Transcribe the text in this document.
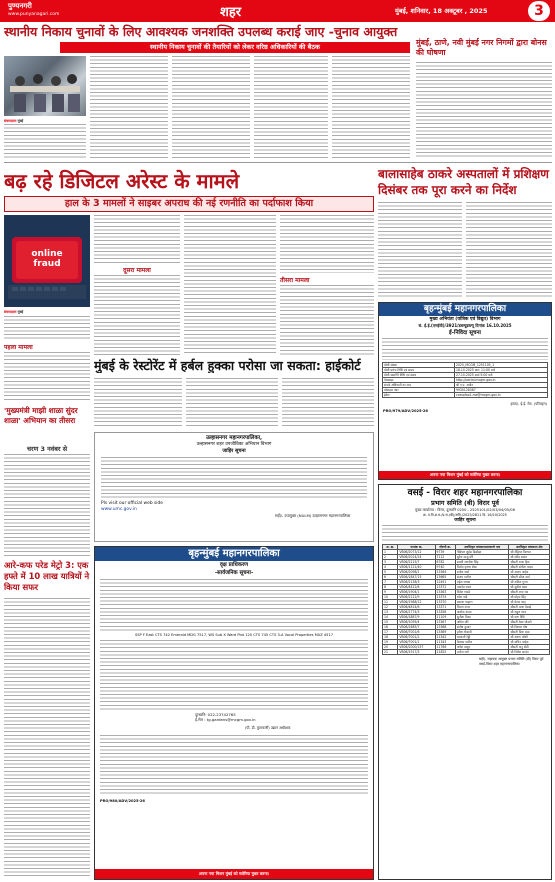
पुण्यनगरी
www.punyanagari.com	शहर	मुंबई, शनिवार, 18 अक्टूबर , 2025	3
स्थानीय निकाय चुनावों के लिए आवश्यक जनशक्ति उपलब्ध कराई जाए -चुनाव आयुक्त
स्थानीय निकाय चुनावों की तैयारियों को लेकर वरिष्ठ अधिकारियों की बैठक
संवाददाता मुंबई
मुंबई, ठाणे, नवी मुंबई नगर निगमों द्वारा बोनस की घोषणा
बढ़ रहे डिजिटल अरेस्ट के मामले
हाल के 3 मामलों ने साइबर अपराध की नई रणनीति का पर्दाफाश किया
online fraud
संवाददाता मुंबई
पहला मामला
दूसरा मामला
तीसरा मामला
बालासाहेब ठाकरे अस्पतालों में प्रशिक्षण दिसंबर तक पूरा करने का निर्देश
बृहन्मुंबई महानगरपालिका
मुख्य अभियंता (यांत्रिक एवं विद्युत) विभाग
सं. ई.ई.(एमईवी)/3921/डब्ल्यूडब्ल्यू दिनांक 16.10.2025
ई-निविदा सूचना
बोली संख्या	2025_MCGM_1251105_1
बोली प्रारंभ तिथि एवं समय	18.10.2025 प्रात: 11:00 बजे
बोली समाप्ति तिथि एवं समय	27.10.2025 सायं 5:00 बजे
वेबसाइट	http://portal.mcgm.gov.in
संपर्क अधिकारी का नाम	श्री ए.ए. अमीन
मोबाइल नंबर	9930128387
ईमेल	ccesofoo1.me@mcgm.gov.in
हस्ता/- ई.ई. मेव. (परिवहन)
PRO/979/ADV/2025-26
अपना नया मिशन मुंबई को मलेरिया मुक्त करना।
'मुख्यमंत्री माझी शाळा सुंदर शाळा' अभियान का तीसरा
चरण 3 नवंबर से
मुंबई के रेस्टोरेंट में हर्बल हुक्का परोसा जा सकता: हाईकोर्ट
उल्हासनगर महानगरपालिका,
उल्हासनगर शहर उपजीविका अभियान विभाग
जाहिर सूचना
Pls visit our official web side
www.umc.gov.in
सही/- उपायुक्त (NULM) उल्हासनगर महानगरपालिका
आरे-कफ परेड मेट्रो 3: एक हफ्ते में 10 लाख यात्रियों ने किया सफर
बृहन्मुंबई महानगरपालिका
वृक्ष प्राधिकरण
-सार्वजनिक सूचना-
SSP F East CTS 742 Emerald MDG 7517, WS Sub X Ward Plot 120 CTS 745 CTS 3-A Vocal Properties MUZ 4517
दूरध्वनि: 022-23742765
ई-मेल : tg.gardens@mcgm.gov.in
(पी. डी. कुलकर्णी) उद्यान अधीक्षक
PRO/980/ADV/2025-26
अपना नया मिशन मुंबई को मलेरिया मुक्त करना।
वसई - विरार शहर महानगरपालिका
प्रभाग समिति (बी) विरार पूर्व
मुख्य कार्यालय : विरार, दूरध्वनि 0250 - 2525101/02/03/04/05/06
क्र. व.वि.श.म./प्र.स.(बी)/अति./2025/2811 दि. 16/10/2025
जाहिर सूचना
अ. क्र.	नामांक क्र.	नोंदणी क्र.	अनधिकृत बांधकामधारकाचे नाव	अनधिकृत बांधकाम क्षेत्र
1	VB06/2073/12	9739	गेब्रियल लुईस डिसोझा	श्री रॉड्रिग्ज विल्यम
2	VB06/2024/24	7112	सुरेश नरसु मोरे	श्री रवींद्र सावंत
3	VB06/2215/7	6782	स्वामी जगदीश सिंह	श्रीमती राजा हिरा
4	VB06/1121/40	9740	विनोद कृष्णा शेख	श्रीमती संगीता कदम
5	VB06/2098/1	13364	राजेश शर्मा	श्री अजय नाईक
6	VB06/1847/15	13665	संजय पाटील	श्रीमती सीमा वर्मा
7	VB06/2138/3	12491	महेश जाधव	श्री अनिल गुप्ता
8	VB06/4422/6	13372	नामदेव पवार	श्री सुनील खान
9	VB06/1904/1	13363	दिनेश गावडे	श्रीमती लता राव
10	VB06/2122/9	13374	रमेश पांडे	श्री मोहन सिंह
11	VB06/1988/12	13370	प्रकाश चव्हाण	श्री केतन शाह
12	VB06/4814/6	13371	विजय नायर	श्रीमती माया देसाई
13	VB06/1774/3	13358	अशोक यादव	श्री राहुल परब
14	VB06/1887/9	11109	सुनीता मिश्रा	श्री दत्ता शिंदे
15	VB06/1095/4	13367	अमित मोरे	श्रीमती रेखा भोसले
16	VB06/1685/7	13368	संतोष कुमार	श्री विशाल घोष
17	VB06/7001/6	13369	हरीश गोसावी	श्रीमती प्रिया दास
18	VB06/7001/2	11342	बालाजी रेड्डी	श्री अरुण जोशी
19	VB06/7001/1	11343	कैलास पाटील	श्री सचिन नाईक
20	VB06/2000/157	11766	जयेश ठाकूर	श्रीमती अनु सेठी
21	VB06/1917/3	11825	मनोज राणे	श्री निलेश सावंत
सही/- सहायक आयुक्त प्रभाग समिति (बी) विरार पूर्व वसई-विरार शहर महानगरपालिका
